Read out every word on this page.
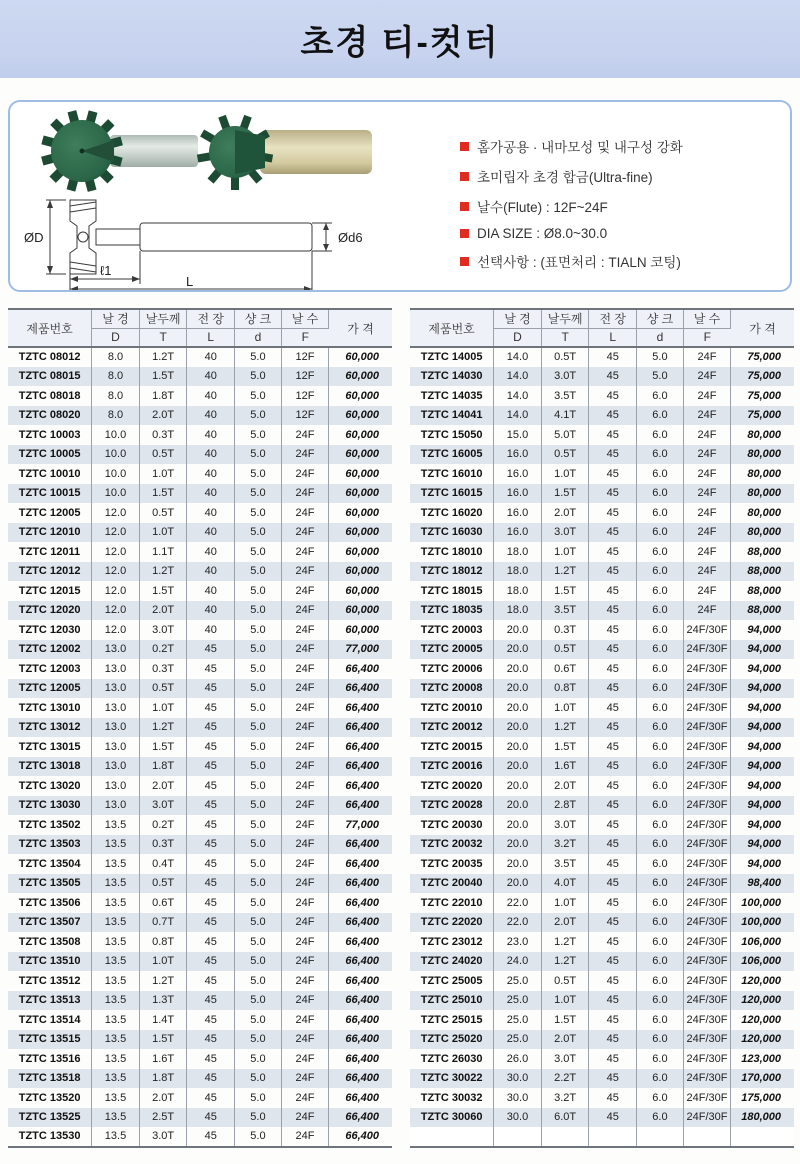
초경 티-컷터
ØD	Ød6
ℓ1
L
홈가공용 · 내마모성 및 내구성 강화
초미립자 초경 합금(Ultra-fine)
날수(Flute) : 12F~24F
DIA SIZE : Ø8.0~30.0
선택사항 : (표면처리 : TIALN 코팅)
제품번호	날 경	날두께	전 장	샹 크	날 수	가 격
	D	T	L	d	F	
TZTC 08012	8.0	1.2T	40	5.0	12F	60,000
TZTC 08015	8.0	1.5T	40	5.0	12F	60,000
TZTC 08018	8.0	1.8T	40	5.0	12F	60,000
TZTC 08020	8.0	2.0T	40	5.0	12F	60,000
TZTC 10003	10.0	0.3T	40	5.0	24F	60,000
TZTC 10005	10.0	0.5T	40	5.0	24F	60,000
TZTC 10010	10.0	1.0T	40	5.0	24F	60,000
TZTC 10015	10.0	1.5T	40	5.0	24F	60,000
TZTC 12005	12.0	0.5T	40	5.0	24F	60,000
TZTC 12010	12.0	1.0T	40	5.0	24F	60,000
TZTC 12011	12.0	1.1T	40	5.0	24F	60,000
TZTC 12012	12.0	1.2T	40	5.0	24F	60,000
TZTC 12015	12.0	1.5T	40	5.0	24F	60,000
TZTC 12020	12.0	2.0T	40	5.0	24F	60,000
TZTC 12030	12.0	3.0T	40	5.0	24F	60,000
TZTC 12002	13.0	0.2T	45	5.0	24F	77,000
TZTC 12003	13.0	0.3T	45	5.0	24F	66,400
TZTC 12005	13.0	0.5T	45	5.0	24F	66,400
TZTC 13010	13.0	1.0T	45	5.0	24F	66,400
TZTC 13012	13.0	1.2T	45	5.0	24F	66,400
TZTC 13015	13.0	1.5T	45	5.0	24F	66,400
TZTC 13018	13.0	1.8T	45	5.0	24F	66,400
TZTC 13020	13.0	2.0T	45	5.0	24F	66,400
TZTC 13030	13.0	3.0T	45	5.0	24F	66,400
TZTC 13502	13.5	0.2T	45	5.0	24F	77,000
TZTC 13503	13.5	0.3T	45	5.0	24F	66,400
TZTC 13504	13.5	0.4T	45	5.0	24F	66,400
TZTC 13505	13.5	0.5T	45	5.0	24F	66,400
TZTC 13506	13.5	0.6T	45	5.0	24F	66,400
TZTC 13507	13.5	0.7T	45	5.0	24F	66,400
TZTC 13508	13.5	0.8T	45	5.0	24F	66,400
TZTC 13510	13.5	1.0T	45	5.0	24F	66,400
TZTC 13512	13.5	1.2T	45	5.0	24F	66,400
TZTC 13513	13.5	1.3T	45	5.0	24F	66,400
TZTC 13514	13.5	1.4T	45	5.0	24F	66,400
TZTC 13515	13.5	1.5T	45	5.0	24F	66,400
TZTC 13516	13.5	1.6T	45	5.0	24F	66,400
TZTC 13518	13.5	1.8T	45	5.0	24F	66,400
TZTC 13520	13.5	2.0T	45	5.0	24F	66,400
TZTC 13525	13.5	2.5T	45	5.0	24F	66,400
TZTC 13530	13.5	3.0T	45	5.0	24F	66,400
제품번호	날 경	날두께	전 장	샹 크	날 수	가 격
	D	T	L	d	F	
TZTC 14005	14.0	0.5T	45	5.0	24F	75,000
TZTC 14030	14.0	3.0T	45	5.0	24F	75,000
TZTC 14035	14.0	3.5T	45	6.0	24F	75,000
TZTC 14041	14.0	4.1T	45	6.0	24F	75,000
TZTC 15050	15.0	5.0T	45	6.0	24F	80,000
TZTC 16005	16.0	0.5T	45	6.0	24F	80,000
TZTC 16010	16.0	1.0T	45	6.0	24F	80,000
TZTC 16015	16.0	1.5T	45	6.0	24F	80,000
TZTC 16020	16.0	2.0T	45	6.0	24F	80,000
TZTC 16030	16.0	3.0T	45	6.0	24F	80,000
TZTC 18010	18.0	1.0T	45	6.0	24F	88,000
TZTC 18012	18.0	1.2T	45	6.0	24F	88,000
TZTC 18015	18.0	1.5T	45	6.0	24F	88,000
TZTC 18035	18.0	3.5T	45	6.0	24F	88,000
TZTC 20003	20.0	0.3T	45	6.0	24F/30F	94,000
TZTC 20005	20.0	0.5T	45	6.0	24F/30F	94,000
TZTC 20006	20.0	0.6T	45	6.0	24F/30F	94,000
TZTC 20008	20.0	0.8T	45	6.0	24F/30F	94,000
TZTC 20010	20.0	1.0T	45	6.0	24F/30F	94,000
TZTC 20012	20.0	1.2T	45	6.0	24F/30F	94,000
TZTC 20015	20.0	1.5T	45	6.0	24F/30F	94,000
TZTC 20016	20.0	1.6T	45	6.0	24F/30F	94,000
TZTC 20020	20.0	2.0T	45	6.0	24F/30F	94,000
TZTC 20028	20.0	2.8T	45	6.0	24F/30F	94,000
TZTC 20030	20.0	3.0T	45	6.0	24F/30F	94,000
TZTC 20032	20.0	3.2T	45	6.0	24F/30F	94,000
TZTC 20035	20.0	3.5T	45	6.0	24F/30F	94,000
TZTC 20040	20.0	4.0T	45	6.0	24F/30F	98,400
TZTC 22010	22.0	1.0T	45	6.0	24F/30F	100,000
TZTC 22020	22.0	2.0T	45	6.0	24F/30F	100,000
TZTC 23012	23.0	1.2T	45	6.0	24F/30F	106,000
TZTC 24020	24.0	1.2T	45	6.0	24F/30F	106,000
TZTC 25005	25.0	0.5T	45	6.0	24F/30F	120,000
TZTC 25010	25.0	1.0T	45	6.0	24F/30F	120,000
TZTC 25015	25.0	1.5T	45	6.0	24F/30F	120,000
TZTC 25020	25.0	2.0T	45	6.0	24F/30F	120,000
TZTC 26030	26.0	3.0T	45	6.0	24F/30F	123,000
TZTC 30022	30.0	2.2T	45	6.0	24F/30F	170,000
TZTC 30032	30.0	3.2T	45	6.0	24F/30F	175,000
TZTC 30060	30.0	6.0T	45	6.0	24F/30F	180,000
